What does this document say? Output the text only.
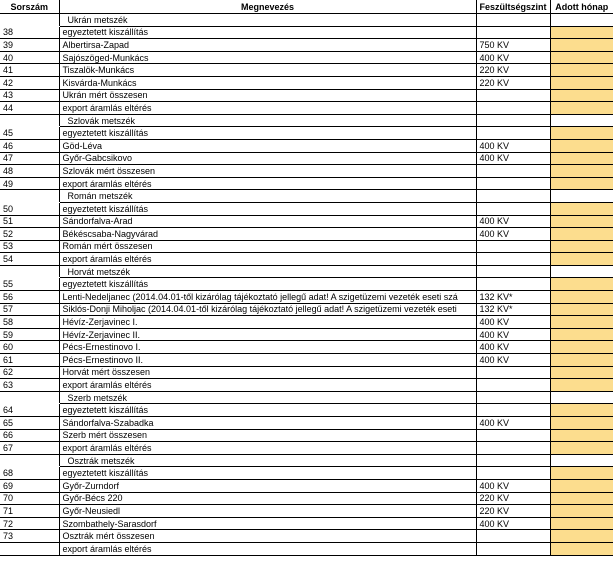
Sorszám	Megnevezés	Feszültségszint	Adott hónap
	Ukrán metszék		
38	egyeztetett kiszállítás		
39	Albertirsa-Zapad	750 KV	
40	Sajószöged-Munkács	400 KV	
41	Tiszalök-Munkács	220 KV	
42	Kisvárda-Munkács	220 KV	
43	Ukrán mért összesen		
44	export áramlás eltérés		
	Szlovák metszék		
45	egyeztetett kiszállítás		
46	Göd-Léva	400 KV	
47	Győr-Gabcsikovo	400 KV	
48	Szlovák mért összesen		
49	export áramlás eltérés		
	Román metszék		
50	egyeztetett kiszállítás		
51	Sándorfalva-Arad	400 KV	
52	Békéscsaba-Nagyvárad	400 KV	
53	Román mért összesen		
54	export áramlás eltérés		
	Horvát metszék		
55	egyeztetett kiszállítás		
56	Lenti-Nedeljanec (2014.04.01-től kizárólag tájékoztató jellegű adat! A szigetüzemi vezeték eseti szá	132 KV*	
57	Siklós-Donji Miholjac (2014.04.01-től kizárólag tájékoztató jellegű adat! A szigetüzemi vezeték eseti	132 KV*	
58	Hévíz-Zerjavinec I.	400 KV	
59	Hévíz-Zerjavinec II.	400 KV	
60	Pécs-Ernestinovo I.	400 KV	
61	Pécs-Ernestinovo II.	400 KV	
62	Horvát mért összesen		
63	export áramlás eltérés		
	Szerb metszék		
64	egyeztetett kiszállítás		
65	Sándorfalva-Szabadka	400 KV	
66	Szerb mért összesen		
67	export áramlás eltérés		
	Osztrák metszék		
68	egyeztetett kiszállítás		
69	Győr-Zurndorf	400 KV	
70	Győr-Bécs 220	220 KV	
71	Győr-Neusiedl	220 KV	
72	Szombathely-Sarasdorf	400 KV	
73	Osztrák mért összesen		
	export áramlás eltérés		
